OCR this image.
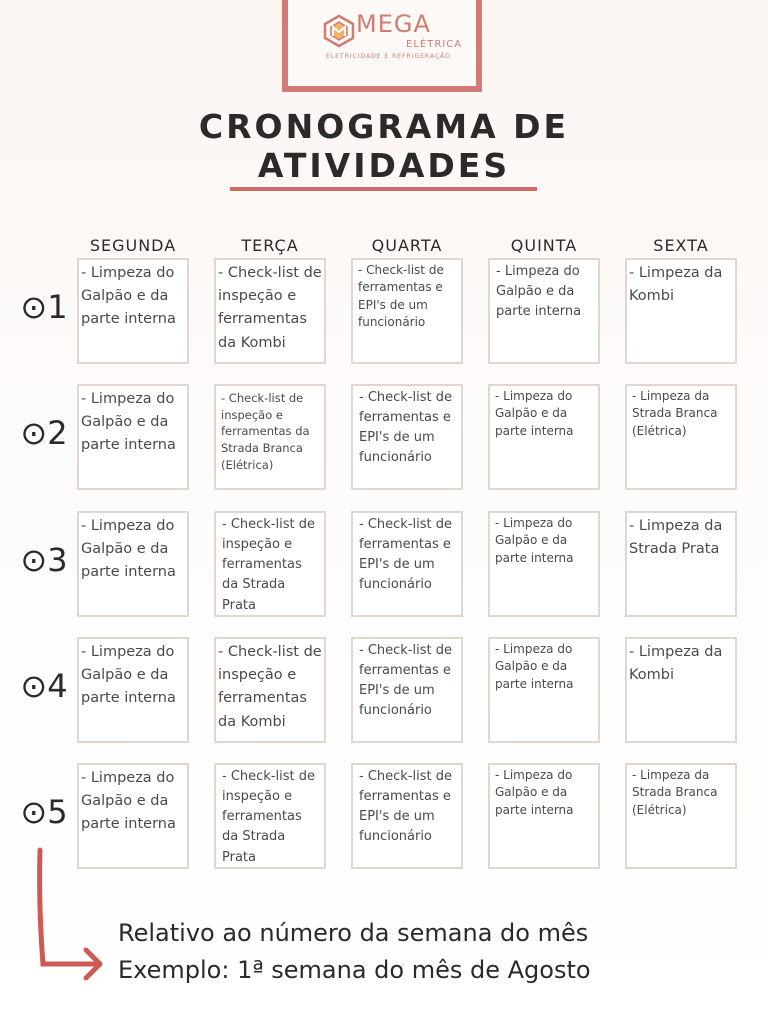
MEGA
ELÉTRICA
ELETRICIDADE E REFRIGERAÇÃO
CRONOGRAMA DE
ATIVIDADES
SEGUNDA	TERÇA	QUARTA	QUINTA	SEXTA
⊙1
- Limpeza do Galpão e da parte interna
- Check-list de inspeção e ferramentas da Kombi
- Check-list de ferramentas e EPI's de um funcionário
- Limpeza do Galpão e da parte interna
- Limpeza da Kombi
⊙2
- Limpeza do Galpão e da parte interna
- Check-list de inspeção e ferramentas da Strada Branca (Elétrica)
- Check-list de ferramentas e EPI's de um funcionário
- Limpeza do Galpão e da parte interna
- Limpeza da Strada Branca (Elétrica)
⊙3
- Limpeza do Galpão e da parte interna
- Check-list de inspeção e ferramentas da Strada Prata
- Check-list de ferramentas e EPI's de um funcionário
- Limpeza do Galpão e da parte interna
- Limpeza da Strada Prata
⊙4
- Limpeza do Galpão e da parte interna
- Check-list de inspeção e ferramentas da Kombi
- Check-list de ferramentas e EPI's de um funcionário
- Limpeza do Galpão e da parte interna
- Limpeza da Kombi
⊙5
- Limpeza do Galpão e da parte interna
- Check-list de inspeção e ferramentas da Strada Prata
- Check-list de ferramentas e EPI's de um funcionário
- Limpeza do Galpão e da parte interna
- Limpeza da Strada Branca (Elétrica)
Relativo ao número da semana do mês
Exemplo: 1ª semana do mês de Agosto
